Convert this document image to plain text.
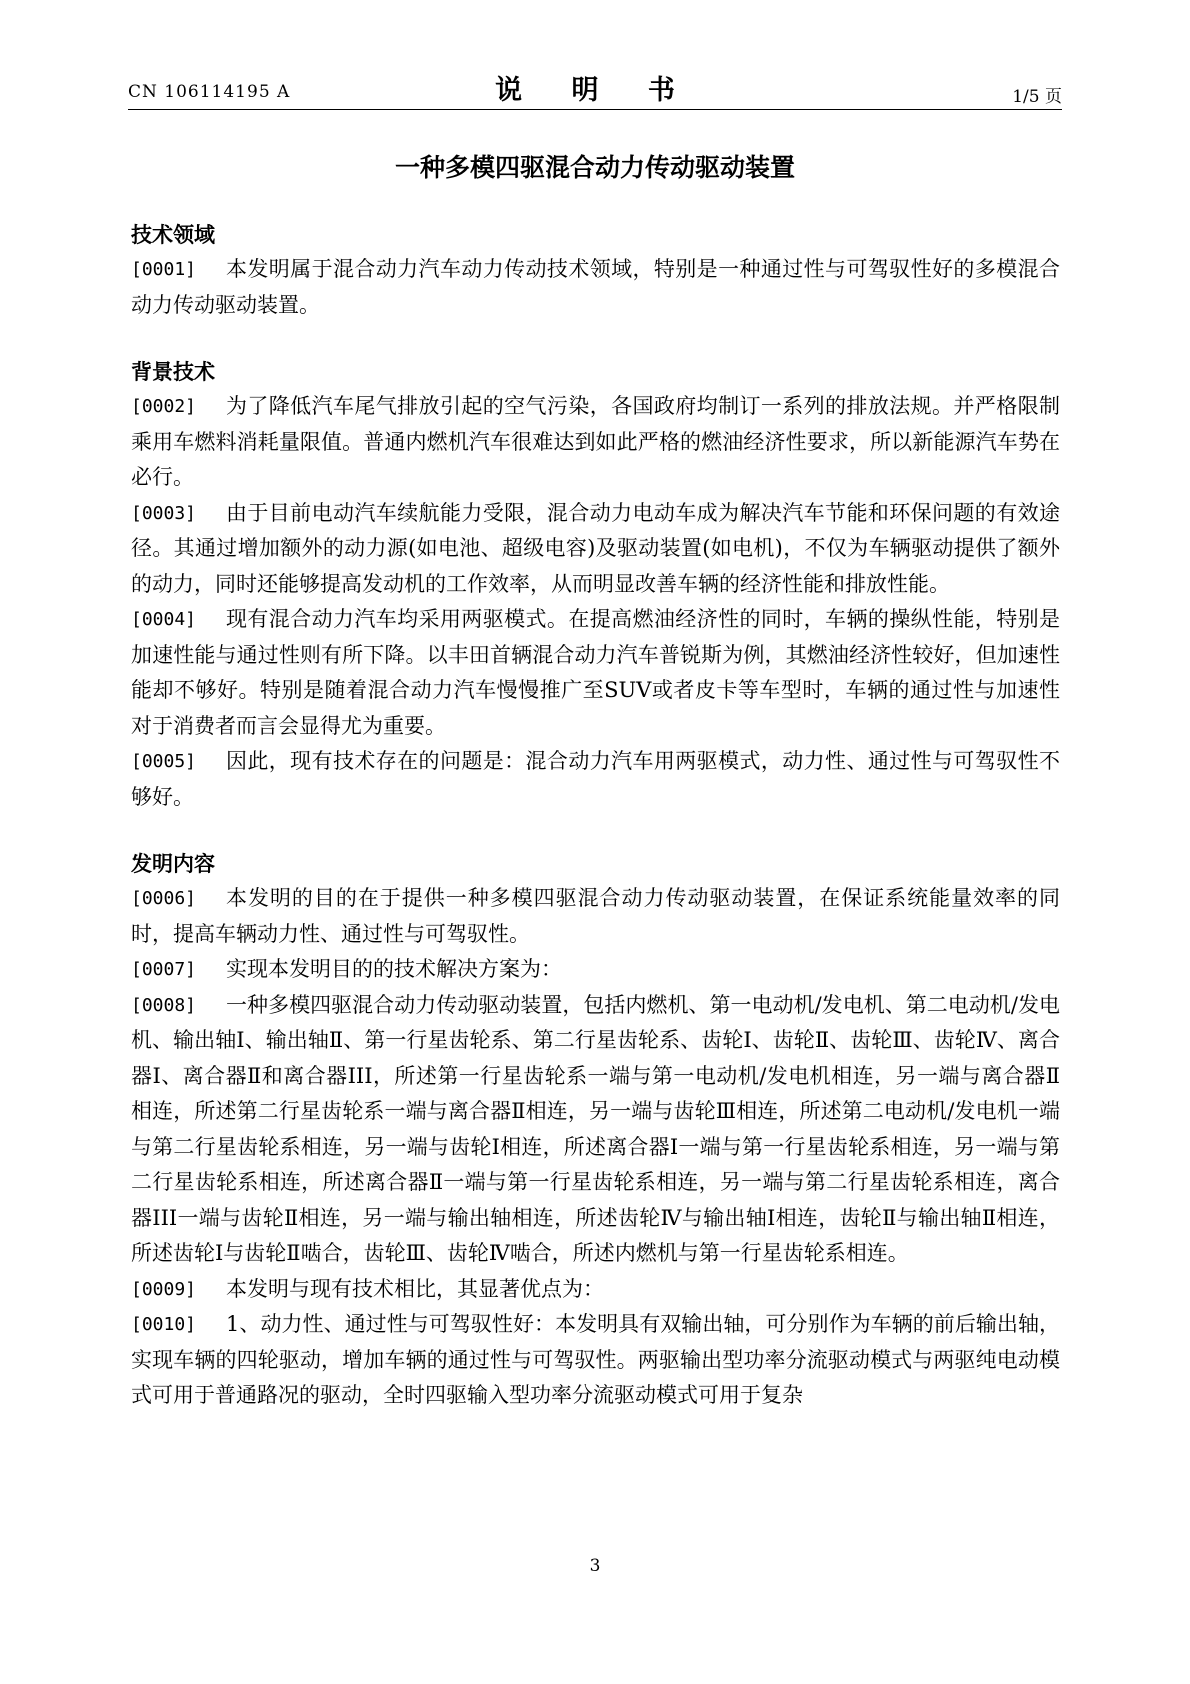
CN 106114195 A	说 明 书	1/5 页
一种多模四驱混合动力传动驱动装置
技术领域
[0001]	本发明属于混合动力汽车动力传动技术领域，特别是一种通过性与可驾驭性好的多模混合动力传动驱动装置。
背景技术
[0002]	为了降低汽车尾气排放引起的空气污染，各国政府均制订一系列的排放法规。并严格限制乘用车燃料消耗量限值。普通内燃机汽车很难达到如此严格的燃油经济性要求，所以新能源汽车势在必行。
[0003]	由于目前电动汽车续航能力受限，混合动力电动车成为解决汽车节能和环保问题的有效途径。其通过增加额外的动力源(如电池、超级电容)及驱动装置(如电机)，不仅为车辆驱动提供了额外的动力，同时还能够提高发动机的工作效率，从而明显改善车辆的经济性能和排放性能。
[0004]	现有混合动力汽车均采用两驱模式。在提高燃油经济性的同时，车辆的操纵性能，特别是加速性能与通过性则有所下降。以丰田首辆混合动力汽车普锐斯为例，其燃油经济性较好，但加速性能却不够好。特别是随着混合动力汽车慢慢推广至SUV或者皮卡等车型时，车辆的通过性与加速性对于消费者而言会显得尤为重要。
[0005]	因此，现有技术存在的问题是：混合动力汽车用两驱模式，动力性、通过性与可驾驭性不够好。
发明内容
[0006]	本发明的目的在于提供一种多模四驱混合动力传动驱动装置，在保证系统能量效率的同时，提高车辆动力性、通过性与可驾驭性。
[0007]	实现本发明目的的技术解决方案为：
[0008]	一种多模四驱混合动力传动驱动装置，包括内燃机、第一电动机/发电机、第二电动机/发电机、输出轴Ⅰ、输出轴Ⅱ、第一行星齿轮系、第二行星齿轮系、齿轮Ⅰ、齿轮Ⅱ、齿轮Ⅲ、齿轮Ⅳ、离合器Ⅰ、离合器Ⅱ和离合器III，所述第一行星齿轮系一端与第一电动机/发电机相连，另一端与离合器Ⅱ相连，所述第二行星齿轮系一端与离合器Ⅱ相连，另一端与齿轮Ⅲ相连，所述第二电动机/发电机一端与第二行星齿轮系相连，另一端与齿轮Ⅰ相连，所述离合器Ⅰ一端与第一行星齿轮系相连，另一端与第二行星齿轮系相连，所述离合器Ⅱ一端与第一行星齿轮系相连，另一端与第二行星齿轮系相连，离合器III一端与齿轮Ⅱ相连，另一端与输出轴相连，所述齿轮Ⅳ与输出轴Ⅰ相连，齿轮Ⅱ与输出轴Ⅱ相连，所述齿轮Ⅰ与齿轮Ⅱ啮合，齿轮Ⅲ、齿轮Ⅳ啮合，所述内燃机与第一行星齿轮系相连。
[0009]	本发明与现有技术相比，其显著优点为：
[0010]	1、动力性、通过性与可驾驭性好：本发明具有双输出轴，可分别作为车辆的前后输出轴，实现车辆的四轮驱动，增加车辆的通过性与可驾驭性。两驱输出型功率分流驱动模式与两驱纯电动模式可用于普通路况的驱动，全时四驱输入型功率分流驱动模式可用于复杂
3
